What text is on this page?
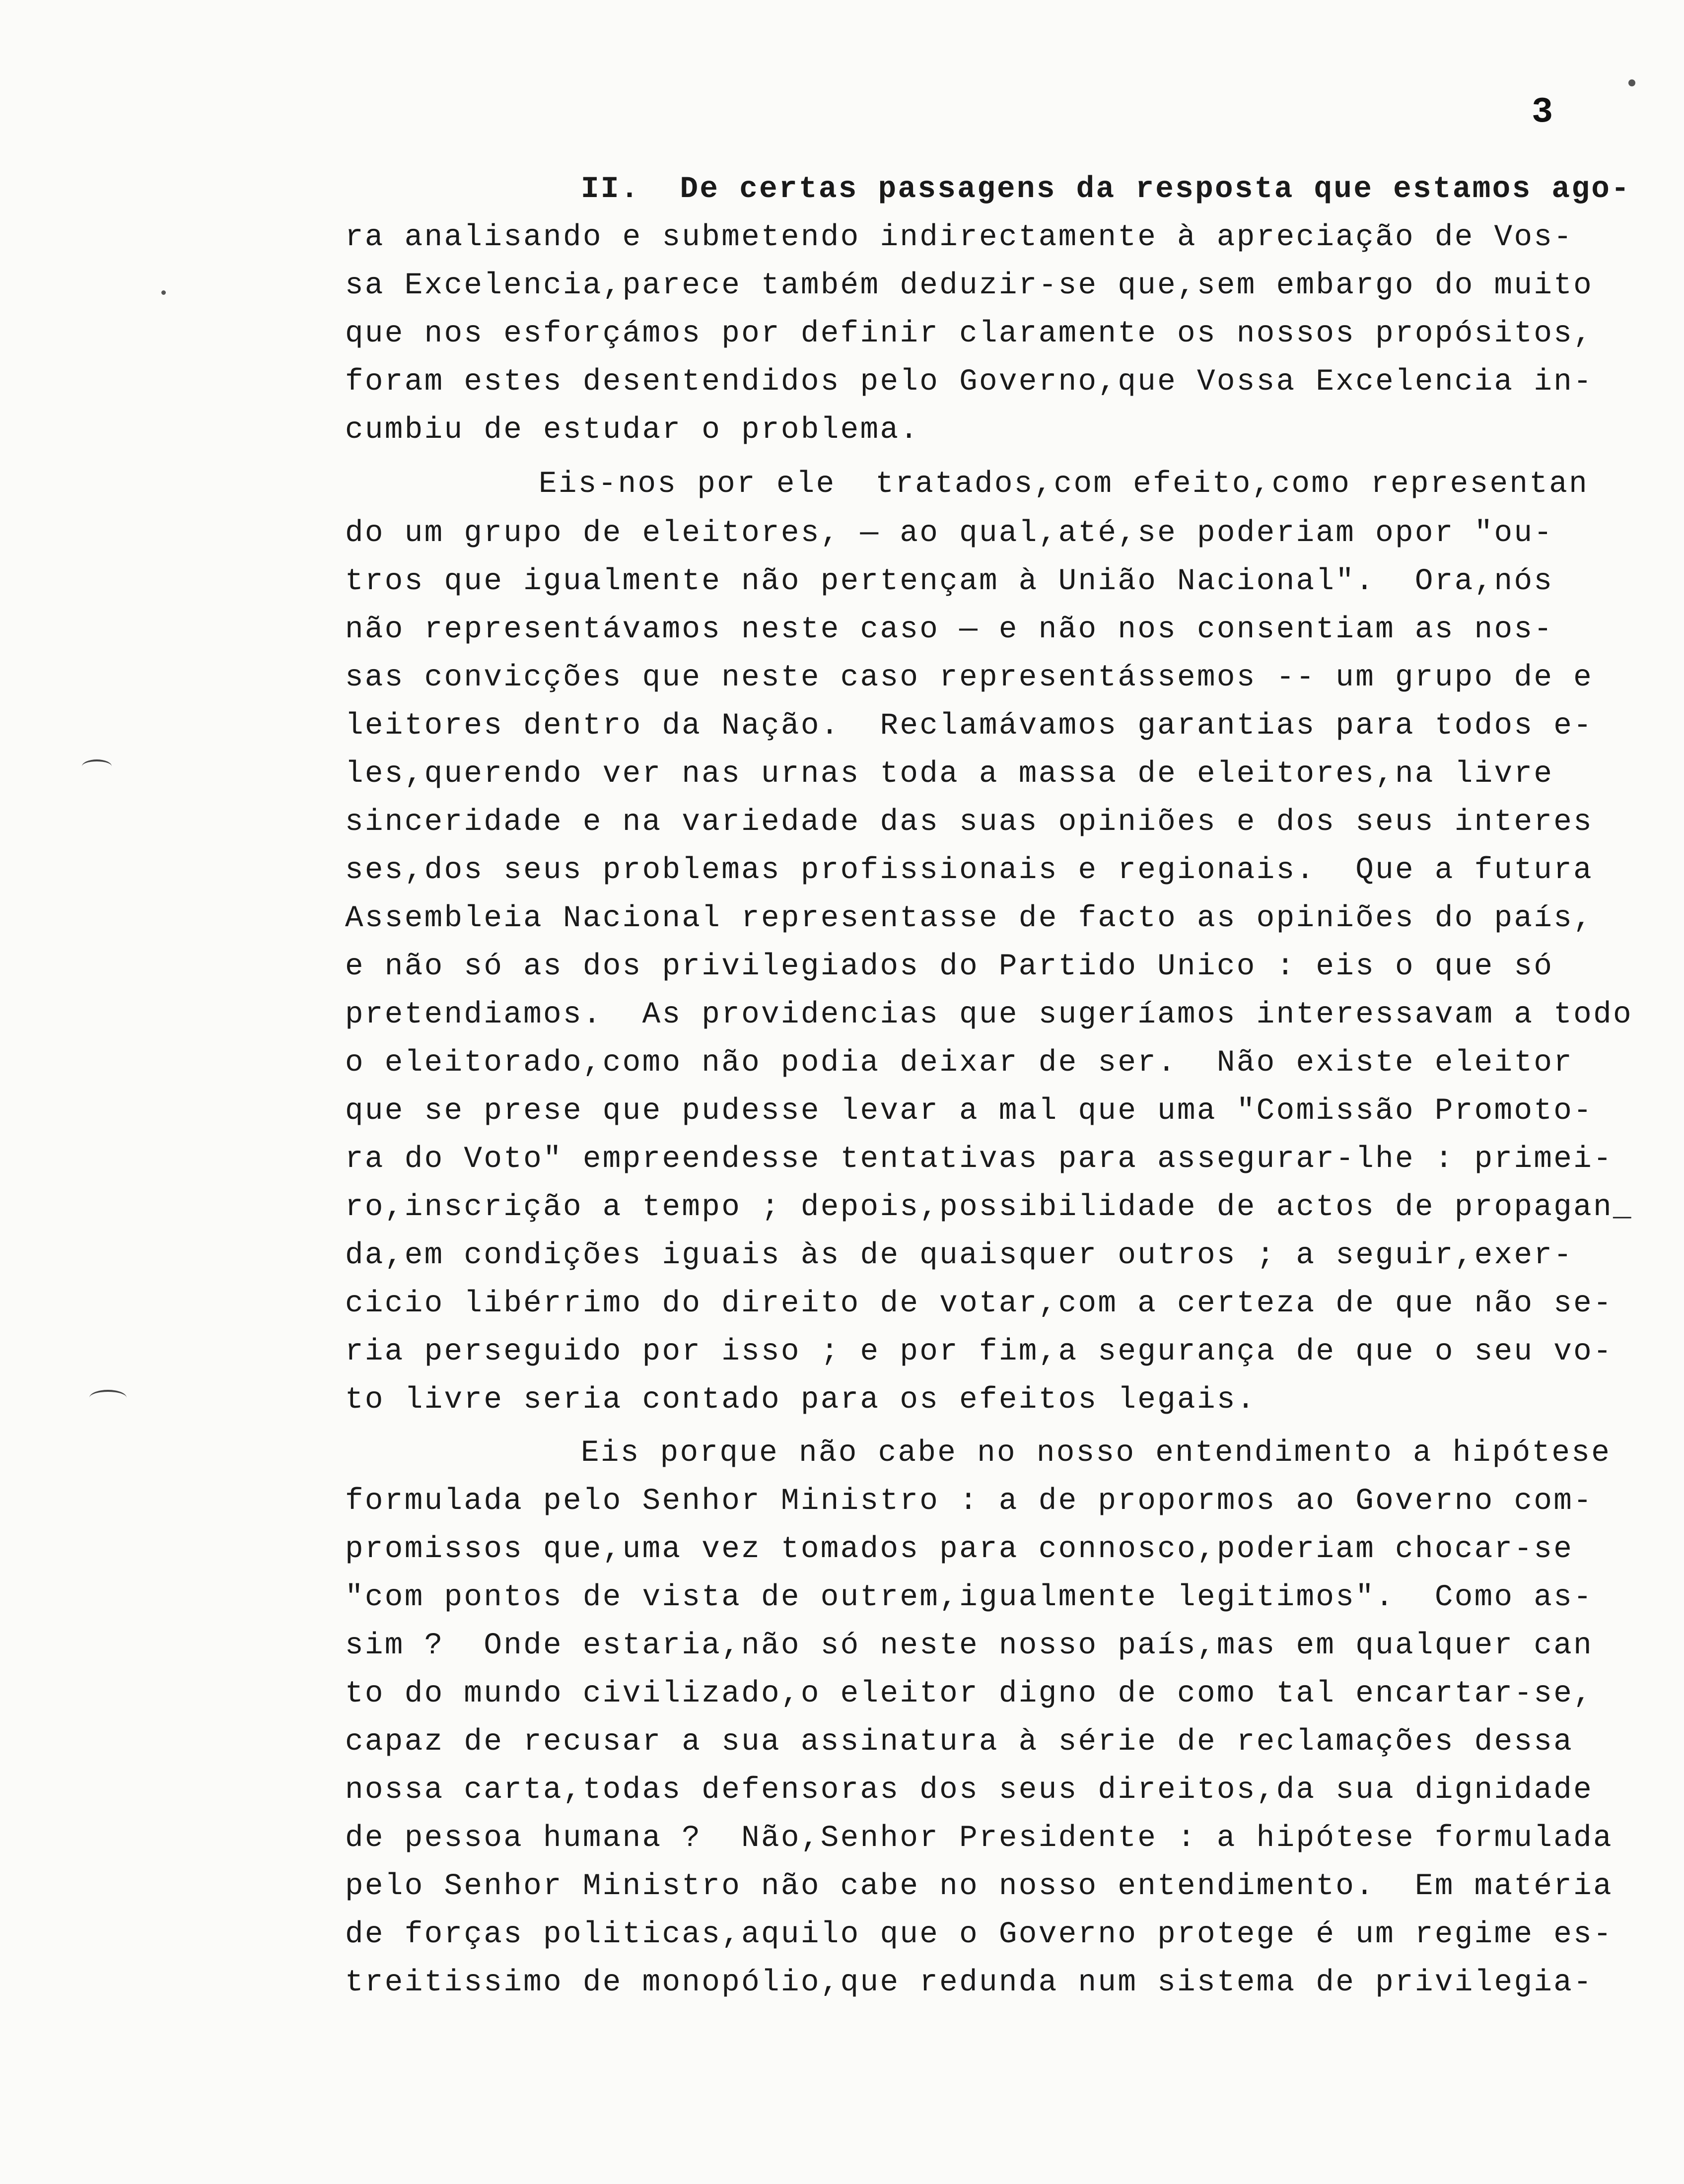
3
II.  De certas passagens da resposta que estamos ago-
ra analisando e submetendo indirectamente à apreciação de Vos-
sa Excelencia,parece também deduzir-se que,sem embargo do muito
que nos esforçámos por definir claramente os nossos propósitos,
foram estes desentendidos pelo Governo,que Vossa Excelencia in-
cumbiu de estudar o problema.
Eis-nos por ele  tratados,com efeito,como representan
do um grupo de eleitores, — ao qual,até,se poderiam opor "ou-
tros que igualmente não pertençam à União Nacional".  Ora,nós
não representávamos neste caso — e não nos consentiam as nos-
sas convicções que neste caso representássemos -- um grupo de e
leitores dentro da Nação.  Reclamávamos garantias para todos e-
les,querendo ver nas urnas toda a massa de eleitores,na livre
sinceridade e na variedade das suas opiniões e dos seus interes
ses,dos seus problemas profissionais e regionais.  Que a futura
Assembleia Nacional representasse de facto as opiniões do país,
e não só as dos privilegiados do Partido Unico : eis o que só
pretendiamos.  As providencias que sugeríamos interessavam a todo
o eleitorado,como não podia deixar de ser.  Não existe eleitor
que se prese que pudesse levar a mal que uma "Comissão Promoto-
ra do Voto" empreendesse tentativas para assegurar-lhe : primei-
ro,inscrição a tempo ; depois,possibilidade de actos de propagan_
da,em condições iguais às de quaisquer outros ; a seguir,exer-
cicio libérrimo do direito de votar,com a certeza de que não se-
ria perseguido por isso ; e por fim,a segurança de que o seu vo-
to livre seria contado para os efeitos legais.
Eis porque não cabe no nosso entendimento a hipótese
formulada pelo Senhor Ministro : a de propormos ao Governo com-
promissos que,uma vez tomados para connosco,poderiam chocar-se
"com pontos de vista de outrem,igualmente legitimos".  Como as-
sim ?  Onde estaria,não só neste nosso país,mas em qualquer can
to do mundo civilizado,o eleitor digno de como tal encartar-se,
capaz de recusar a sua assinatura à série de reclamações dessa
nossa carta,todas defensoras dos seus direitos,da sua dignidade
de pessoa humana ?  Não,Senhor Presidente : a hipótese formulada
pelo Senhor Ministro não cabe no nosso entendimento.  Em matéria
de forças politicas,aquilo que o Governo protege é um regime es-
treitissimo de monopólio,que redunda num sistema de privilegia-
